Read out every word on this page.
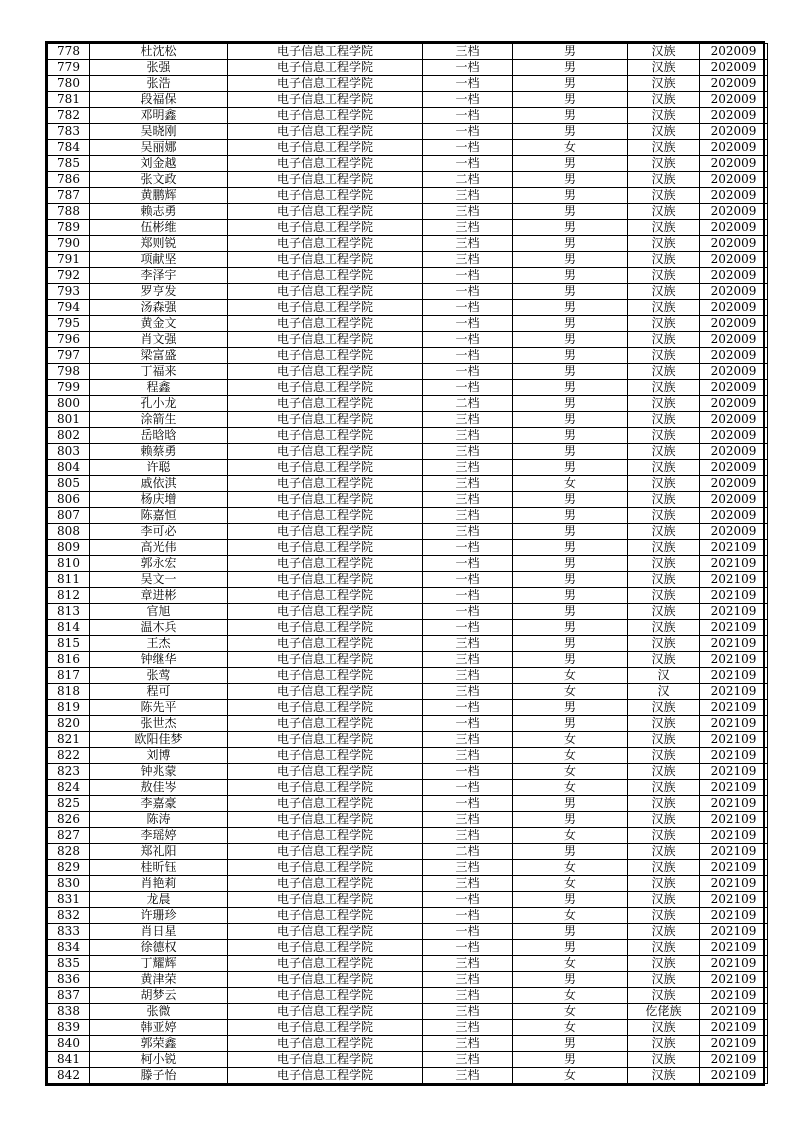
778	杜沈松	电子信息工程学院	三档	男	汉族	202009
779	张强	电子信息工程学院	一档	男	汉族	202009
780	张浩	电子信息工程学院	一档	男	汉族	202009
781	段福保	电子信息工程学院	一档	男	汉族	202009
782	邓明鑫	电子信息工程学院	一档	男	汉族	202009
783	吴晓刚	电子信息工程学院	一档	男	汉族	202009
784	吴丽娜	电子信息工程学院	一档	女	汉族	202009
785	刘金越	电子信息工程学院	一档	男	汉族	202009
786	张文政	电子信息工程学院	二档	男	汉族	202009
787	黄鹏辉	电子信息工程学院	三档	男	汉族	202009
788	赖志勇	电子信息工程学院	三档	男	汉族	202009
789	伍彬维	电子信息工程学院	三档	男	汉族	202009
790	郑则锐	电子信息工程学院	三档	男	汉族	202009
791	项献坚	电子信息工程学院	三档	男	汉族	202009
792	李泽宇	电子信息工程学院	一档	男	汉族	202009
793	罗亨发	电子信息工程学院	一档	男	汉族	202009
794	汤森强	电子信息工程学院	一档	男	汉族	202009
795	黄金文	电子信息工程学院	一档	男	汉族	202009
796	肖文强	电子信息工程学院	一档	男	汉族	202009
797	梁富盛	电子信息工程学院	一档	男	汉族	202009
798	丁福来	电子信息工程学院	一档	男	汉族	202009
799	程鑫	电子信息工程学院	一档	男	汉族	202009
800	孔小龙	电子信息工程学院	二档	男	汉族	202009
801	涂箭生	电子信息工程学院	三档	男	汉族	202009
802	岳晗晗	电子信息工程学院	三档	男	汉族	202009
803	赖蔡勇	电子信息工程学院	三档	男	汉族	202009
804	许聪	电子信息工程学院	三档	男	汉族	202009
805	戚依淇	电子信息工程学院	三档	女	汉族	202009
806	杨庆增	电子信息工程学院	三档	男	汉族	202009
807	陈嘉恒	电子信息工程学院	三档	男	汉族	202009
808	李可必	电子信息工程学院	三档	男	汉族	202009
809	高光伟	电子信息工程学院	一档	男	汉族	202109
810	郭永宏	电子信息工程学院	一档	男	汉族	202109
811	吴文一	电子信息工程学院	一档	男	汉族	202109
812	章进彬	电子信息工程学院	一档	男	汉族	202109
813	官旭	电子信息工程学院	一档	男	汉族	202109
814	温木兵	电子信息工程学院	一档	男	汉族	202109
815	王杰	电子信息工程学院	三档	男	汉族	202109
816	钟继华	电子信息工程学院	三档	男	汉族	202109
817	张莺	电子信息工程学院	三档	女	汉	202109
818	程可	电子信息工程学院	三档	女	汉	202109
819	陈先平	电子信息工程学院	一档	男	汉族	202109
820	张世杰	电子信息工程学院	一档	男	汉族	202109
821	欧阳佳梦	电子信息工程学院	三档	女	汉族	202109
822	刘博	电子信息工程学院	三档	女	汉族	202109
823	钟兆蒙	电子信息工程学院	一档	女	汉族	202109
824	敖佳岑	电子信息工程学院	一档	女	汉族	202109
825	李嘉豪	电子信息工程学院	一档	男	汉族	202109
826	陈涛	电子信息工程学院	三档	男	汉族	202109
827	李瑶婷	电子信息工程学院	三档	女	汉族	202109
828	郑礼阳	电子信息工程学院	二档	男	汉族	202109
829	桂昕钰	电子信息工程学院	三档	女	汉族	202109
830	肖艳莉	电子信息工程学院	三档	女	汉族	202109
831	龙晨	电子信息工程学院	一档	男	汉族	202109
832	许珊珍	电子信息工程学院	一档	女	汉族	202109
833	肖日星	电子信息工程学院	一档	男	汉族	202109
834	徐德权	电子信息工程学院	一档	男	汉族	202109
835	丁耀辉	电子信息工程学院	三档	女	汉族	202109
836	黄津荣	电子信息工程学院	三档	男	汉族	202109
837	胡梦云	电子信息工程学院	三档	女	汉族	202109
838	张微	电子信息工程学院	三档	女	仡佬族	202109
839	韩亚婷	电子信息工程学院	三档	女	汉族	202109
840	郭荣鑫	电子信息工程学院	三档	男	汉族	202109
841	柯小锐	电子信息工程学院	三档	男	汉族	202109
842	滕子怡	电子信息工程学院	三档	女	汉族	202109
